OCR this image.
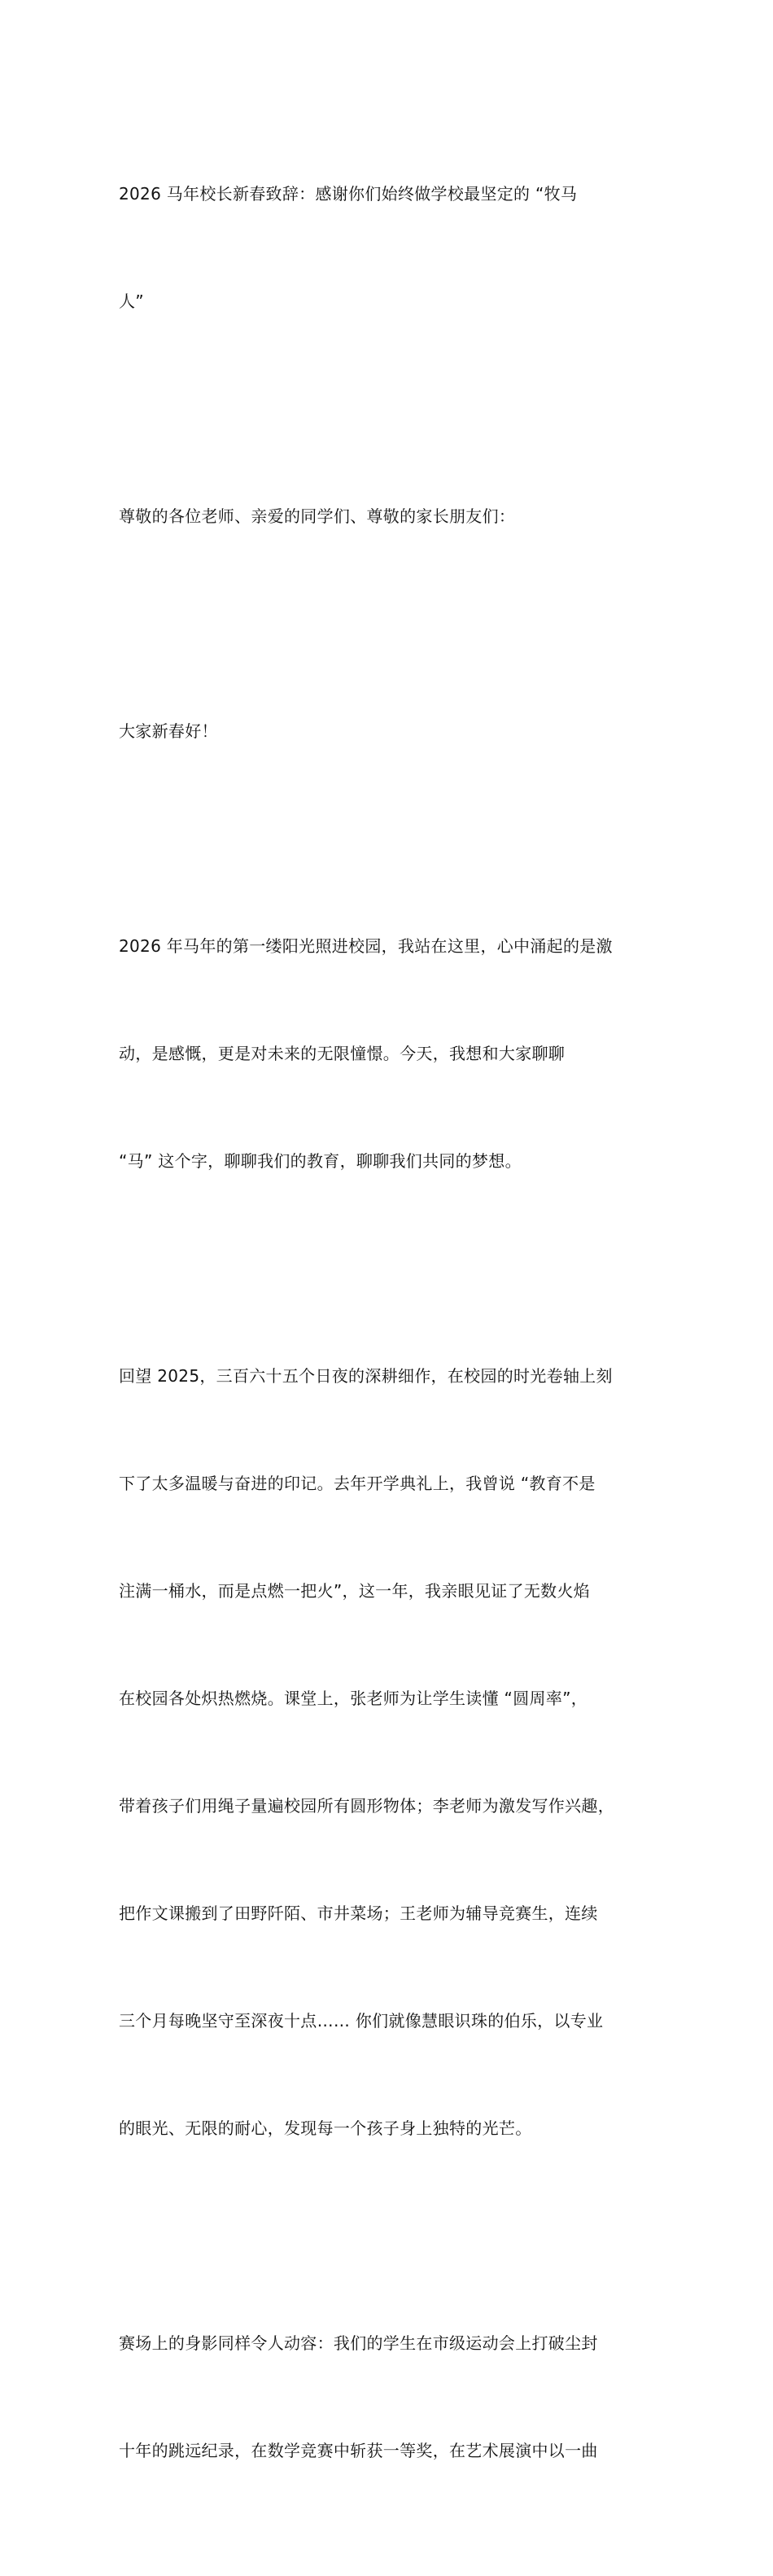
2026 马年校长新春致辞：感谢你们始终做学校最坚定的 “牧马

人”

尊敬的各位老师、亲爱的同学们、尊敬的家长朋友们：

大家新春好！

2026 年马年的第一缕阳光照进校园，我站在这里，心中涌起的是激

动，是感慨，更是对未来的无限憧憬。今天，我想和大家聊聊

“马” 这个字，聊聊我们的教育，聊聊我们共同的梦想。

回望 2025，三百六十五个日夜的深耕细作，在校园的时光卷轴上刻

下了太多温暖与奋进的印记。去年开学典礼上，我曾说 “教育不是

注满一桶水，而是点燃一把火”，这一年，我亲眼见证了无数火焰

在校园各处炽热燃烧。课堂上，张老师为让学生读懂 “圆周率”，

带着孩子们用绳子量遍校园所有圆形物体；李老师为激发写作兴趣，

把作文课搬到了田野阡陌、市井菜场；王老师为辅导竞赛生，连续

三个月每晚坚守至深夜十点…… 你们就像慧眼识珠的伯乐，以专业

的眼光、无限的耐心，发现每一个孩子身上独特的光芒。

赛场上的身影同样令人动容：我们的学生在市级运动会上打破尘封

十年的跳远纪录，在数学竞赛中斩获一等奖，在艺术展演中以一曲
